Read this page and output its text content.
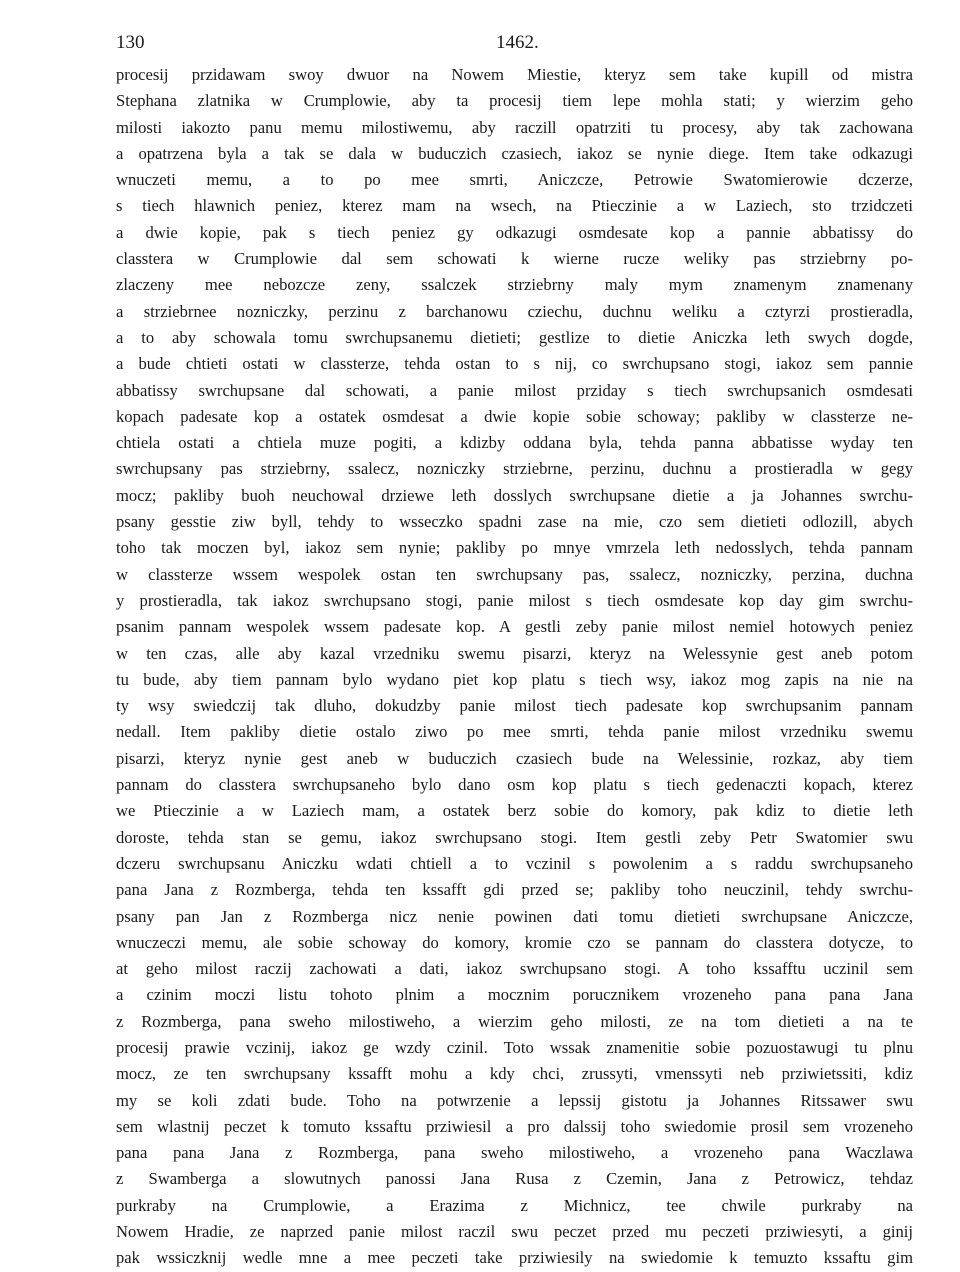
130	1462.
procesij przidawam swoy dwuor na Nowem Miestie, kteryz sem take kupill od mistra
Stephana zlatnika w Crumplowie, aby ta procesij tiem lepe mohla stati; y wierzim geho
milosti iakozto panu memu milostiwemu, aby raczill opatrziti tu procesy, aby tak zachowana
a opatrzena byla a tak se dala w buduczich czasiech, iakoz se nynie diege. Item take odkazugi
wnuczeti memu, a to po mee smrti, Aniczcze, Petrowie Swatomierowie dczerze,
s tiech hlawnich peniez, kterez mam na wsech, na Ptieczinie a w Laziech, sto trzidczeti
a dwie kopie, pak s tiech peniez gy odkazugi osmdesate kop a pannie abbatissy do
classtera w Crumplowie dal sem schowati k wierne rucze weliky pas strziebrny po-
zlaczeny mee nebozcze zeny, ssalczek strziebrny maly mym znamenym znamenany
a strziebrnee nozniczky, perzinu z barchanowu cziechu, duchnu weliku a cztyrzi prostieradla,
a to aby schowala tomu swrchupsanemu dietieti; gestlize to dietie Aniczka leth swych dogde,
a bude chtieti ostati w classterze, tehda ostan to s nij, co swrchupsano stogi, iakoz sem pannie
abbatissy swrchupsane dal schowati, a panie milost prziday s tiech swrchupsanich osmdesati
kopach padesate kop a ostatek osmdesat a dwie kopie sobie schoway; pakliby w classterze ne-
chtiela ostati a chtiela muze pogiti, a kdizby oddana byla, tehda panna abbatisse wyday ten
swrchupsany pas strziebrny, ssalecz, nozniczky strziebrne, perzinu, duchnu a prostieradla w gegy
mocz; pakliby buoh neuchowal drziewe leth dosslych swrchupsane dietie a ja Johannes swrchu-
psany gesstie ziw byll, tehdy to wsseczko spadni zase na mie, czo sem dietieti odlozill, abych
toho tak moczen byl, iakoz sem nynie; pakliby po mnye vmrzela leth nedosslych, tehda pannam
w classterze wssem wespolek ostan ten swrchupsany pas, ssalecz, nozniczky, perzina, duchna
y prostieradla, tak iakoz swrchupsano stogi, panie milost s tiech osmdesate kop day gim swrchu-
psanim pannam wespolek wssem padesate kop. A gestli zeby panie milost nemiel hotowych peniez
w ten czas, alle aby kazal vrzedniku swemu pisarzi, kteryz na Welessynie gest aneb potom
tu bude, aby tiem pannam bylo wydano piet kop platu s tiech wsy, iakoz mog zapis na nie na
ty wsy swiedczij tak dluho, dokudzby panie milost tiech padesate kop swrchupsanim pannam
nedall. Item pakliby dietie ostalo ziwo po mee smrti, tehda panie milost vrzedniku swemu
pisarzi, kteryz nynie gest aneb w buduczich czasiech bude na Welessinie, rozkaz, aby tiem
pannam do classtera swrchupsaneho bylo dano osm kop platu s tiech gedenaczti kopach, kterez
we Ptieczinie a w Laziech mam, a ostatek berz sobie do komory, pak kdiz to dietie leth
doroste, tehda stan se gemu, iakoz swrchupsano stogi. Item gestli zeby Petr Swatomier swu
dczeru swrchupsanu Aniczku wdati chtiell a to vczinil s powolenim a s raddu swrchupsaneho
pana Jana z Rozmberga, tehda ten kssafft gdi przed se; pakliby toho neuczinil, tehdy swrchu-
psany pan Jan z Rozmberga nicz nenie powinen dati tomu dietieti swrchupsane Aniczcze,
wnuczeczi memu, ale sobie schoway do komory, kromie czo se pannam do classtera dotycze, to
at geho milost raczij zachowati a dati, iakoz swrchupsano stogi. A toho kssafftu uczinil sem
a czinim moczi listu tohoto plnim a mocznim porucznikem vrozeneho pana pana Jana
z Rozmberga, pana sweho milostiweho, a wierzim geho milosti, ze na tom dietieti a na te
procesij prawie vczinij, iakoz ge wzdy czinil. Toto wssak znamenitie sobie pozuostawugi tu plnu
mocz, ze ten swrchupsany kssafft mohu a kdy chci, zrussyti, vmenssyti neb prziwietssiti, kdiz
my se koli zdati bude. Toho na potwrzenie a lepssij gistotu ja Johannes Ritssawer swu
sem wlastnij peczet k tomuto kssaftu prziwiesil a pro dalssij toho swiedomie prosil sem vrozeneho
pana pana Jana z Rozmberga, pana sweho milostiweho, a vrozeneho pana Waczlawa
z Swamberga a slowutnych panossi Jana Rusa z Czemin, Jana z Petrowicz, tehdaz
purkraby na Crumplowie, a Erazima z Michnicz, tee chwile purkraby na
Nowem Hradie, ze naprzed panie milost raczil swu peczet przed mu peczeti prziwiesyti, a ginij
pak wssiczknij wedle mne a mee peczeti take prziwiesily na swiedomie k temuzto kssaftu gim
